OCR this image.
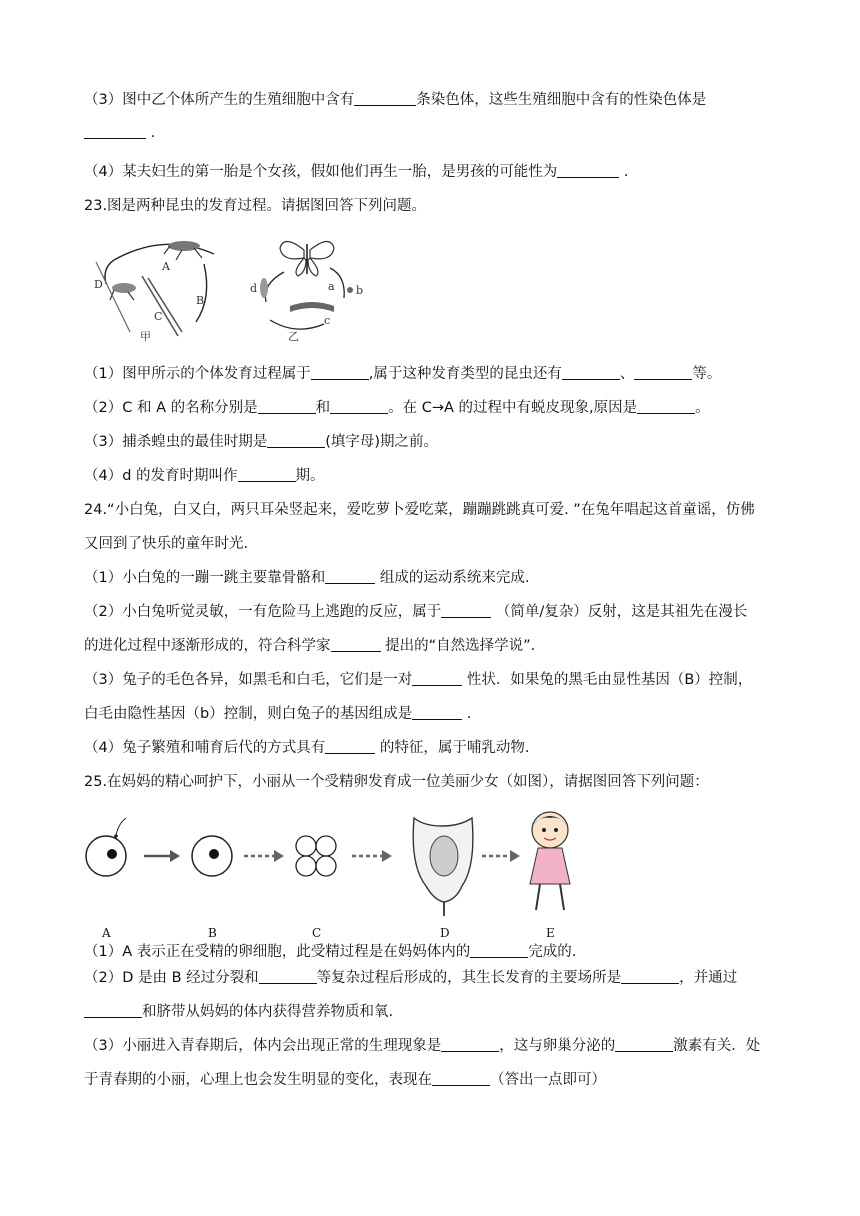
（3）图中乙个体所产生的生殖细胞中含有	条染色体，这些生殖细胞中含有的性染色体是
.
（4）某夫妇生的第一胎是个女孩，假如他们再生一胎，是男孩的可能性为	.
23.图是两种昆虫的发育过程。请据图回答下列问题。
A
B
C
D
甲
a b
c
d
乙
（1）图甲所示的个体发育过程属于	,属于这种发育类型的昆虫还有	、	等。
（2）C 和 A 的名称分别是	和	。在 C→A 的过程中有蜕皮现象,原因是	。
（3）捕杀蝗虫的最佳时期是	(填字母)期之前。
（4）d 的发育时期叫作	期。
24.“小白兔，白又白，两只耳朵竖起来，爱吃萝卜爱吃菜，蹦蹦跳跳真可爱. ”在兔年唱起这首童谣，仿佛
又回到了快乐的童年时光.
（1）小白兔的一蹦一跳主要靠骨骼和	组成的运动系统来完成.
（2）小白兔听觉灵敏，一有危险马上逃跑的反应，属于	（简单/复杂）反射，这是其祖先在漫长
的进化过程中逐渐形成的，符合科学家	提出的“自然选择学说”.
（3）兔子的毛色各异，如黑毛和白毛，它们是一对	性状．如果兔的黑毛由显性基因（B）控制，
白毛由隐性基因（b）控制，则白兔子的基因组成是	.
（4）兔子繁殖和哺育后代的方式具有	的特征，属于哺乳动物.
25.在妈妈的精心呵护下，小丽从一个受精卵发育成一位美丽少女（如图），请据图回答下列问题：
A	B	C	D	E
（1）A 表示正在受精的卵细胞，此受精过程是在妈妈体内的	完成的.
（2）D 是由 B 经过分裂和	等复杂过程后形成的，其生长发育的主要场所是	，并通过
和脐带从妈妈的体内获得营养物质和氧.
（3）小丽进入青春期后，体内会出现正常的生理现象是	，这与卵巢分泌的	激素有关．处
于青春期的小丽，心理上也会发生明显的变化，表现在	（答出一点即可）
